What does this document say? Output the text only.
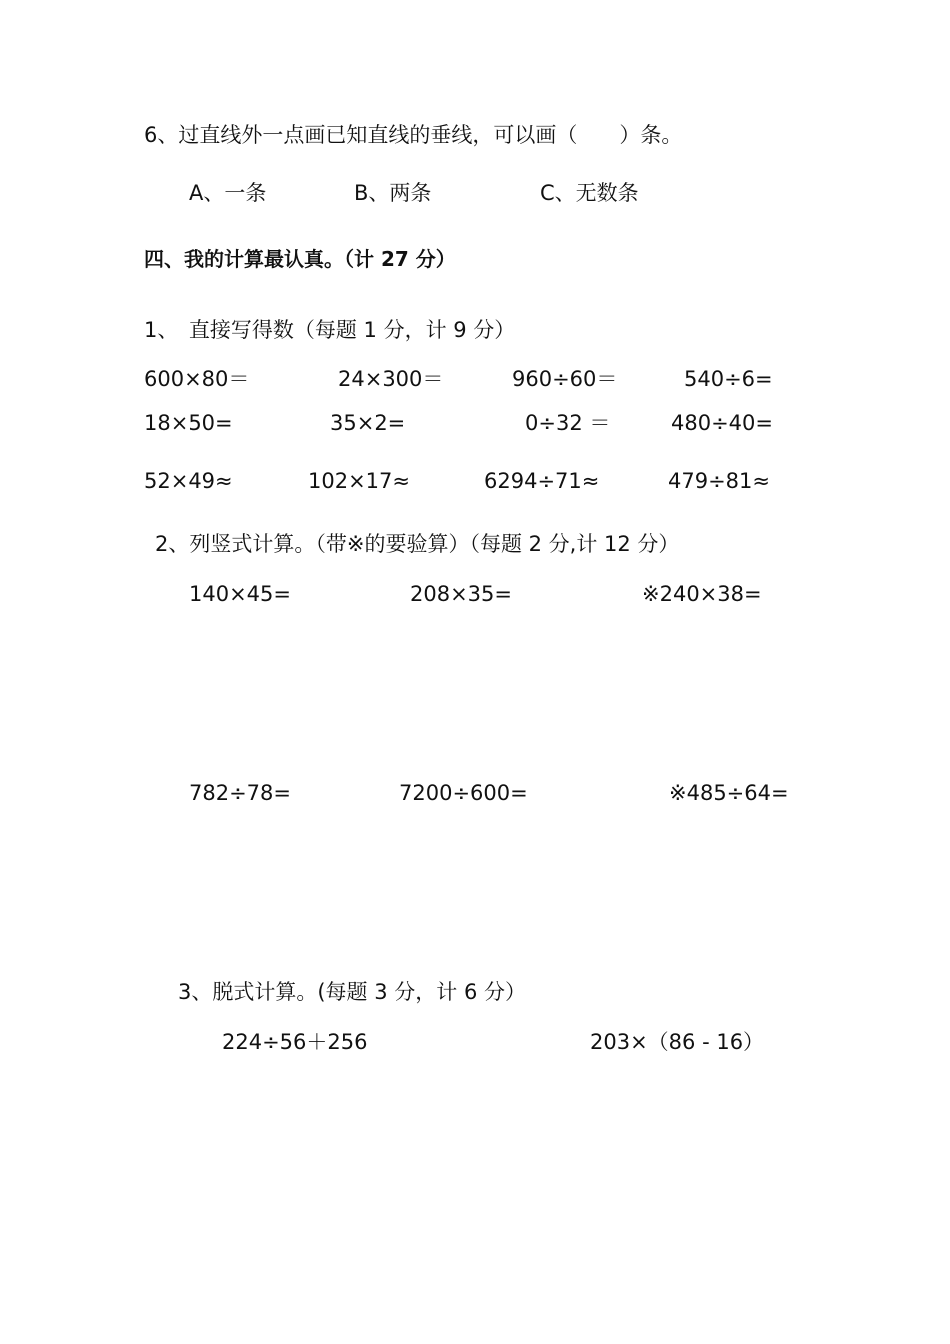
6、过直线外一点画已知直线的垂线，可以画（　　）条。
A、一条	B、两条	C、无数条
四、我的计算最认真。（计 27 分）
1、　直接写得数（每题 1 分，计 9 分）
600×80＝	24×300＝	960÷60＝	540÷6=
18×50=	35×2=	0÷32 ＝	480÷40=
52×49≈	102×17≈	6294÷71≈	479÷81≈
2、列竖式计算。（带※的要验算）（每题 2 分,计 12 分）
140×45=	208×35=	※240×38=
782÷78=	7200÷600=	※485÷64=
3、脱式计算。(每题 3 分，计 6 分）
224÷56＋256	203×（86 - 16）
